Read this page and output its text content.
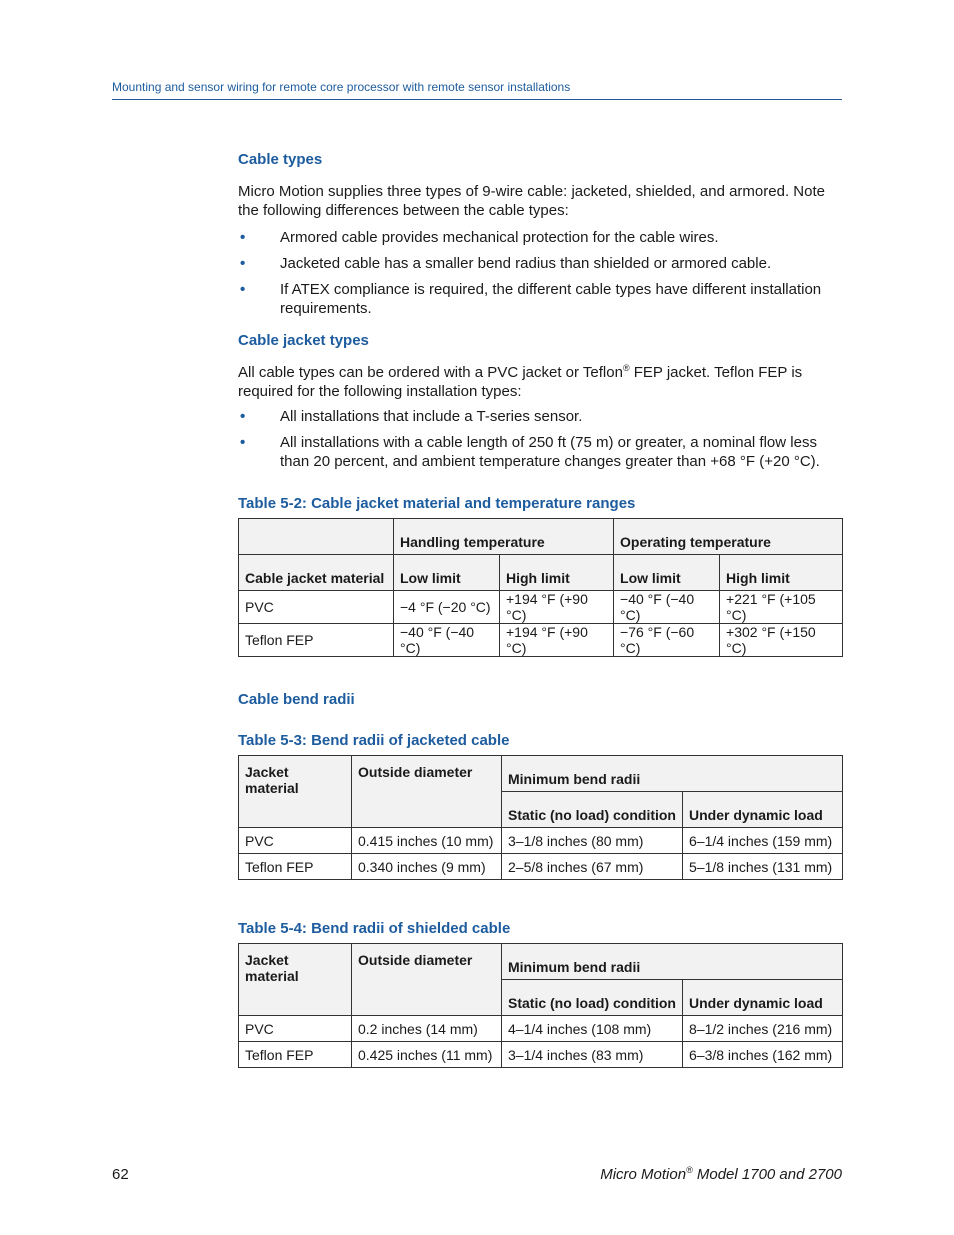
Mounting and sensor wiring for remote core processor with remote sensor installations
Cable types

Micro Motion supplies three types of 9-wire cable: jacketed, shielded, and armored. Note the following differences between the cable types:

• Armored cable provides mechanical protection for the cable wires.
• Jacketed cable has a smaller bend radius than shielded or armored cable.
• If ATEX compliance is required, the different cable types have different installation requirements.
Cable jacket types

All cable types can be ordered with a PVC jacket or Teflon® FEP jacket. Teflon FEP is required for the following installation types:

• All installations that include a T-series sensor.
• All installations with a cable length of 250 ft (75 m) or greater, a nominal flow less than 20 percent, and ambient temperature changes greater than +68 °F (+20 °C).

Table 5-2: Cable jacket material and temperature ranges

	Handling temperature		Operating temperature	
Cable jacket material	Low limit	High limit	Low limit	High limit
PVC	−4 °F (−20 °C)	+194 °F (+90 °C)	−40 °F (−40 °C)	+221 °F (+105 °C)
Teflon FEP	−40 °F (−40 °C)	+194 °F (+90 °C)	−76 °F (−60 °C)	+302 °F (+150 °C)
Cable bend radii

Table 5-3: Bend radii of jacketed cable

Jacket material	Outside diameter	Minimum bend radii	
		Static (no load) condition	Under dynamic load
PVC	0.415 inches (10 mm)	3–1/8 inches (80 mm)	6–1/4 inches (159 mm)
Teflon FEP	0.340 inches (9 mm)	2–5/8 inches (67 mm)	5–1/8 inches (131 mm)

Table 5-4: Bend radii of shielded cable

Jacket material	Outside diameter	Minimum bend radii	
		Static (no load) condition	Under dynamic load
PVC	0.2 inches (14 mm)	4–1/4 inches (108 mm)	8–1/2 inches (216 mm)
Teflon FEP	0.425 inches (11 mm)	3–1/4 inches (83 mm)	6–3/8 inches (162 mm)
62	Micro Motion® Model 1700 and 2700
